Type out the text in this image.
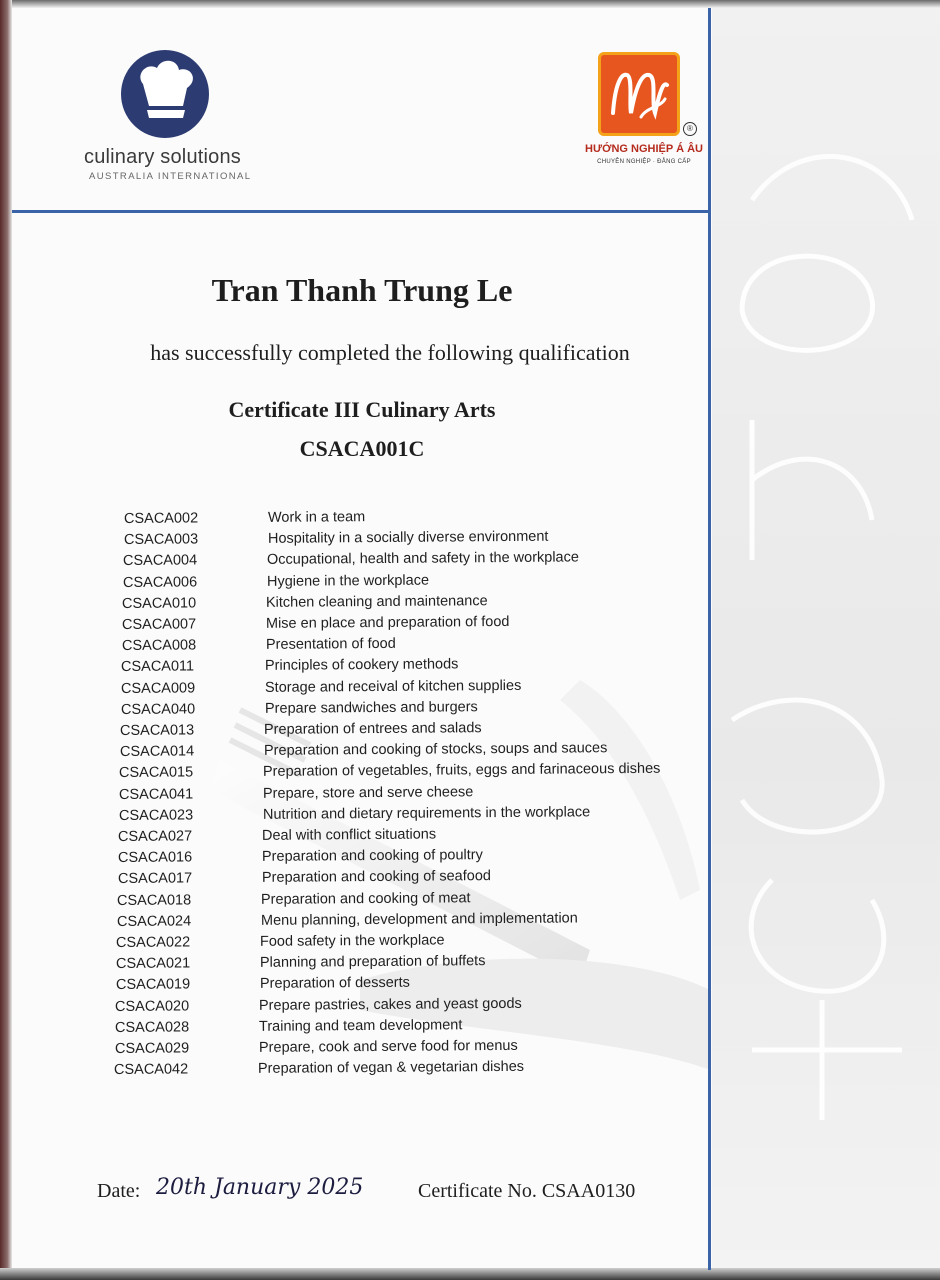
culinary solutions
AUSTRALIA INTERNATIONAL
®
HƯỚNG NGHIỆP Á ÂU
CHUYÊN NGHIỆP · ĐẲNG CẤP
Tran Thanh Trung Le
has successfully completed the following qualification
Certificate III Culinary Arts
CSACA001C
CSACA002	Work in a team
CSACA003	Hospitality in a socially diverse environment
CSACA004	Occupational, health and safety in the workplace
CSACA006	Hygiene in the workplace
CSACA010	Kitchen cleaning and maintenance
CSACA007	Mise en place and preparation of food
CSACA008	Presentation of food
CSACA011	Principles of cookery methods
CSACA009	Storage and receival of kitchen supplies
CSACA040	Prepare sandwiches and burgers
CSACA013	Preparation of entrees and salads
CSACA014	Preparation and cooking of stocks, soups and sauces
CSACA015	Preparation of vegetables, fruits, eggs and farinaceous dishes
CSACA041	Prepare, store and serve cheese
CSACA023	Nutrition and dietary requirements in the workplace
CSACA027	Deal with conflict situations
CSACA016	Preparation and cooking of poultry
CSACA017	Preparation and cooking of seafood
CSACA018	Preparation and cooking of meat
CSACA024	Menu planning, development and implementation
CSACA022	Food safety in the workplace
CSACA021	Planning and preparation of buffets
CSACA019	Preparation of desserts
CSACA020	Prepare pastries, cakes and yeast goods
CSACA028	Training and team development
CSACA029	Prepare, cook and serve food for menus
CSACA042	Preparation of vegan & vegetarian dishes
Date: 20th January 2025	Certificate No. CSAA0130
